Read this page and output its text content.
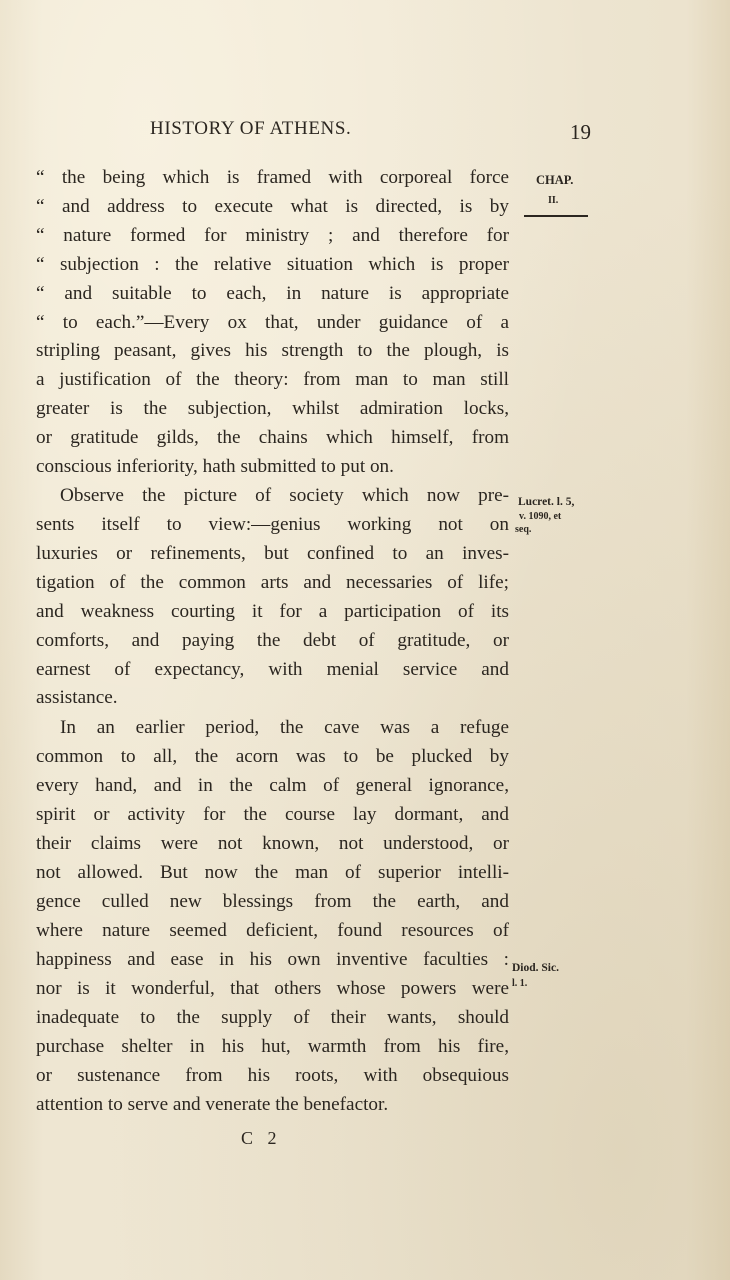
HISTORY OF ATHENS.	19
CHAP.
II.
Lucret. l. 5,
v. 1090, et
seq.
Diod. Sic.
l. 1.
“ the being which is framed with corporeal force
“ and address to execute what is directed, is by
“ nature formed for ministry ; and therefore for
“ subjection : the relative situation which is proper
“ and suitable to each, in nature is appropriate
“ to each.”—Every ox that, under guidance of a
stripling peasant, gives his strength to the plough, is
a justification of the theory: from man to man still
greater is the subjection, whilst admiration locks,
or gratitude gilds, the chains which himself, from
conscious inferiority, hath submitted to put on.
Observe the picture of society which now pre-
sents itself to view:—genius working not on
luxuries or refinements, but confined to an inves-
tigation of the common arts and necessaries of life;
and weakness courting it for a participation of its
comforts, and paying the debt of gratitude, or
earnest of expectancy, with menial service and
assistance.
In an earlier period, the cave was a refuge
common to all, the acorn was to be plucked by
every hand, and in the calm of general ignorance,
spirit or activity for the course lay dormant, and
their claims were not known, not understood, or
not allowed. But now the man of superior intelli-
gence culled new blessings from the earth, and
where nature seemed deficient, found resources of
happiness and ease in his own inventive faculties :
nor is it wonderful, that others whose powers were
inadequate to the supply of their wants, should
purchase shelter in his hut, warmth from his fire,
or sustenance from his roots, with obsequious
attention to serve and venerate the benefactor.
C 2
